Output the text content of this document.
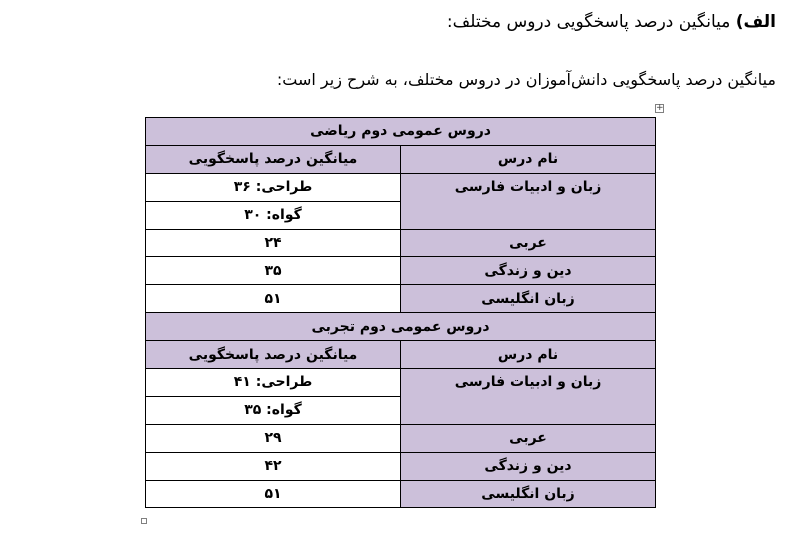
الف) میانگین درصد پاسخگویی دروس مختلف:
میانگین درصد پاسخگویی دانش‌آموزان در دروس مختلف، به شرح زیر است:
+
دروس عمومی دوم ریاضی	
نام درس	میانگین درصد پاسخگویی
زبان و ادبیات فارسی	طراحی: ۳۶
	گواه: ۳۰
عربی	۲۴
دین و زندگی	۳۵
زبان انگلیسی	۵۱
دروس عمومی دوم تجربی	
نام درس	میانگین درصد پاسخگویی
زبان و ادبیات فارسی	طراحی: ۴۱
	گواه: ۳۵
عربی	۲۹
دین و زندگی	۴۲
زبان انگلیسی	۵۱
